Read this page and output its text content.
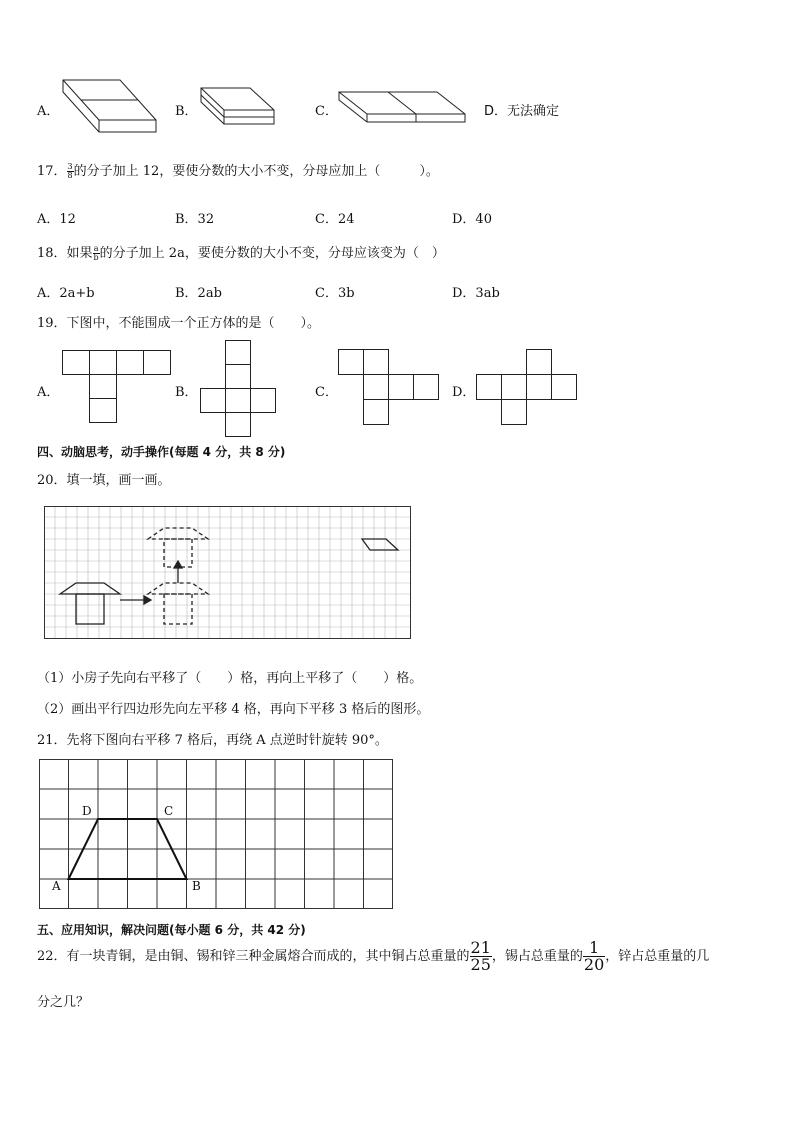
A．	B．	C．	D．无法确定
17． $\frac{3}{8}$ 的分子加上 12，要使分数的大小不变，分母应加上（　　　）。
A．12	B．32	C．24	D．40
18．如果 $\frac{a}{b}$ 的分子加上 2a，要使分数的大小不变，分母应该变为（　）
A．2a+b	B．2ab	C．3b	D．3ab
19．下图中，不能围成一个正方体的是（　　）。
A．	B．	C．	D．
四、动脑思考，动手操作(每题 4 分，共 8 分)
20．填一填，画一画。
（1）小房子先向右平移了（　　）格，再向上平移了（　　）格。
（2）画出平行四边形先向左平移 4 格，再向下平移 3 格后的图形。
21．先将下图向右平移 7 格后，再绕 A 点逆时针旋转 90°。
A	B
C
D
五、应用知识，解决问题(每小题 6 分，共 42 分)
22．有一块青铜，是由铜、锡和锌三种金属熔合而成的，其中铜占总重量的 $\frac{21}{25}$ ，锡占总重量的 $\frac{1}{20}$ ，锌占总重量的几
分之几？
